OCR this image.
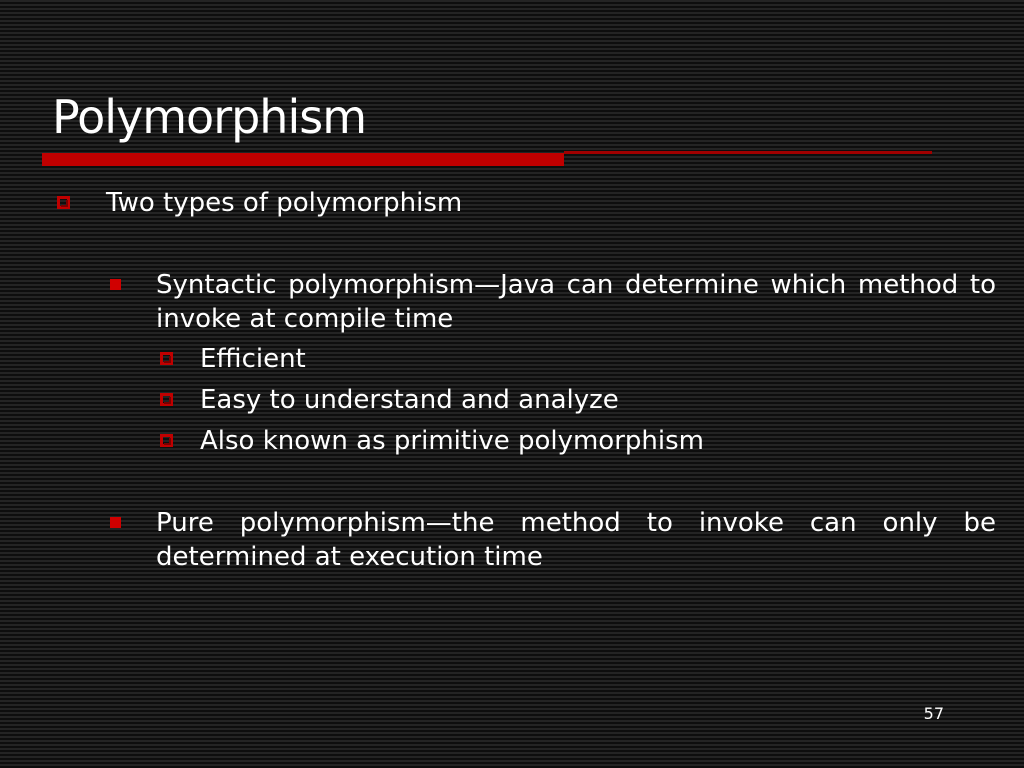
Polymorphism
Two types of polymorphism
Syntactic polymorphism—Java can determine which method to invoke at compile time
Efficient
Easy to understand and analyze
Also known as primitive polymorphism
Pure polymorphism—the method to invoke can only be determined at execution time
57
